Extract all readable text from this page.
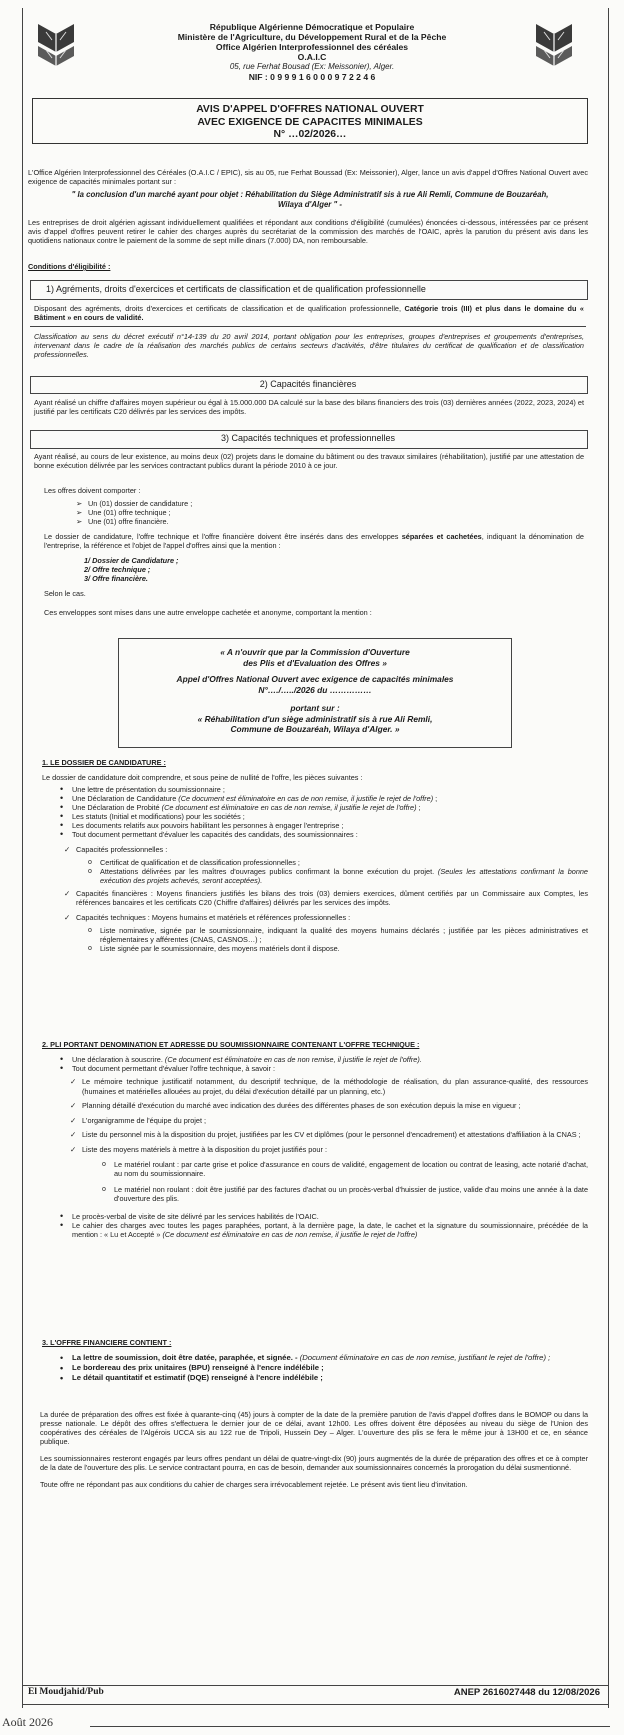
République Algérienne Démocratique et Populaire
Ministère de l'Agriculture, du Développement Rural et de la Pêche
Office Algérien Interprofessionnel des céréales
O.A.I.C
05, rue Ferhat Bousad (Ex: Meissonier), Alger.
NIF : 0 9 9 9 1 6 0 0 0 9 7 2 2 4 6
AVIS D'APPEL D'OFFRES NATIONAL OUVERT
AVEC EXIGENCE DE CAPACITES MINIMALES
N° …02/2026…
L'Office Algérien Interprofessionnel des Céréales (O.A.I.C / EPIC), sis au 05, rue Ferhat Boussad (Ex: Meissonier), Alger, lance un avis d'appel d'Offres National Ouvert avec exigence de capacités minimales portant sur :
" la conclusion d'un marché ayant pour objet : Réhabilitation du Siège Administratif sis à rue Ali Remli, Commune de Bouzaréah, Wilaya d'Alger " -
Les entreprises de droit algérien agissant individuellement qualifiées et répondant aux conditions d'éligibilité (cumulées) énoncées ci-dessous, intéressées par ce présent avis d'appel d'offres peuvent retirer le cahier des charges auprès du secrétariat de la commission des marchés de l'OAIC, après la parution du présent avis dans les quotidiens nationaux contre le paiement de la somme de sept mille dinars (7.000) DA, non remboursable.
Conditions d'éligibilité :
1) Agréments, droits d'exercices et certificats de classification et de qualification professionnelle
Disposant des agréments, droits d'exercices et certificats de classification et de qualification professionnelle, Catégorie trois (III) et plus dans le domaine du « Bâtiment » en cours de validité.
Classification au sens du décret exécutif n°14-139 du 20 avril 2014, portant obligation pour les entreprises, groupes d'entreprises et groupements d'entreprises, intervenant dans le cadre de la réalisation des marchés publics de certains secteurs d'activités, d'être titulaires du certificat de qualification et de classification professionnelles.
2) Capacités financières
Ayant réalisé un chiffre d'affaires moyen supérieur ou égal à 15.000.000 DA calculé sur la base des bilans financiers des trois (03) dernières années (2022, 2023, 2024) et justifié par les certificats C20 délivrés par les services des impôts.
3) Capacités techniques et professionnelles
Ayant réalisé, au cours de leur existence, au moins deux (02) projets dans le domaine du bâtiment ou des travaux similaires (réhabilitation), justifié par une attestation de bonne exécution délivrée par les services contractant publics durant la période 2010 à ce jour.
Les offres doivent comporter :
➢ Un (01) dossier de candidature ;
➢ Une (01) offre technique ;
➢ Une (01) offre financière.
Le dossier de candidature, l'offre technique et l'offre financière doivent être insérés dans des enveloppes séparées et cachetées, indiquant la dénomination de l'entreprise, la référence et l'objet de l'appel d'offres ainsi que la mention :
1/ Dossier de Candidature ;
2/ Offre technique ;
3/ Offre financière.
Selon le cas.
Ces enveloppes sont mises dans une autre enveloppe cachetée et anonyme, comportant la mention :
« A n'ouvrir que par la Commission d'Ouverture
des Plis et d'Evaluation des Offres »
Appel d'Offres National Ouvert avec exigence de capacités minimales
N°…./…../2026 du ……………
portant sur :
« Réhabilitation d'un siège administratif sis à rue Ali Remli,
Commune de Bouzaréah, Wilaya d'Alger. »
1. LE DOSSIER DE CANDIDATURE :
Le dossier de candidature doit comprendre, et sous peine de nullité de l'offre, les pièces suivantes :
• Une lettre de présentation du soumissionnaire ;
• Une Déclaration de Candidature (Ce document est éliminatoire en cas de non remise, il justifie le rejet de l'offre) ;
• Une Déclaration de Probité (Ce document est éliminatoire en cas de non remise, il justifie le rejet de l'offre) ;
• Les statuts (Initial et modifications) pour les sociétés ;
• Les documents relatifs aux pouvoirs habilitant les personnes à engager l'entreprise ;
• Tout document permettant d'évaluer les capacités des candidats, des soumissionnaires :
✓ Capacités professionnelles :
o Certificat de qualification et de classification professionnelles ;
o Attestations délivrées par les maîtres d'ouvrages publics confirmant la bonne exécution du projet. (Seules les attestations confirmant la bonne exécution des projets achevés, seront acceptées).
✓ Capacités financières : Moyens financiers justifiés les bilans des trois (03) derniers exercices, dûment certifiés par un Commissaire aux Comptes, les références bancaires et les certificats C20 (Chiffre d'affaires) délivrés par les services des impôts.
✓ Capacités techniques : Moyens humains et matériels et références professionnelles :
o Liste nominative, signée par le soumissionnaire, indiquant la qualité des moyens humains déclarés ; justifiée par les pièces administratives et réglementaires y afférentes (CNAS, CASNOS…) ;
o Liste signée par le soumissionnaire, des moyens matériels dont il dispose.
2. PLI PORTANT DENOMINATION ET ADRESSE DU SOUMISSIONNAIRE CONTENANT L'OFFRE TECHNIQUE :
• Une déclaration à souscrire. (Ce document est éliminatoire en cas de non remise, il justifie le rejet de l'offre).
• Tout document permettant d'évaluer l'offre technique, à savoir :
✓ Le mémoire technique justificatif notamment, du descriptif technique, de la méthodologie de réalisation, du plan assurance-qualité, des ressources (humaines et matérielles allouées au projet, du délai d'exécution détaillé par un planning, etc.)
✓ Planning détaillé d'exécution du marché avec indication des durées des différentes phases de son exécution depuis la mise en vigueur ;
✓ L'organigramme de l'équipe du projet ;
✓ Liste du personnel mis à la disposition du projet, justifiées par les CV et diplômes (pour le personnel d'encadrement) et attestations d'affiliation à la CNAS ;
✓ Liste des moyens matériels à mettre à la disposition du projet justifiés pour :
o Le matériel roulant : par carte grise et police d'assurance en cours de validité, engagement de location ou contrat de leasing, acte notarié d'achat, au nom du soumissionnaire.
o Le matériel non roulant : doit être justifié par des factures d'achat ou un procès-verbal d'huissier de justice, valide d'au moins une année à la date d'ouverture des plis.
• Le procès-verbal de visite de site délivré par les services habilités de l'OAIC.
• Le cahier des charges avec toutes les pages paraphées, portant, à la dernière page, la date, le cachet et la signature du soumissionnaire, précédée de la mention : « Lu et Accepté » (Ce document est éliminatoire en cas de non remise, il justifie le rejet de l'offre)
3. L'OFFRE FINANCIERE CONTIENT :
• La lettre de soumission, doit être datée, paraphée, et signée. - (Document éliminatoire en cas de non remise, justifiant le rejet de l'offre) ;
• Le bordereau des prix unitaires (BPU) renseigné à l'encre indélébile ;
• Le détail quantitatif et estimatif (DQE) renseigné à l'encre indélébile ;
La durée de préparation des offres est fixée à quarante-cinq (45) jours à compter de la date de la première parution de l'avis d'appel d'offres dans le BOMOP ou dans la presse nationale. Le dépôt des offres s'effectuera le dernier jour de ce délai, avant 12h00. Les offres doivent être déposées au niveau du siège de l'Union des coopératives des céréales de l'Algérois UCCA sis au 122 rue de Tripoli, Hussein Dey – Alger. L'ouverture des plis se fera le même jour à 13H00 et ce, en séance publique.
Les soumissionnaires resteront engagés par leurs offres pendant un délai de quatre-vingt-dix (90) jours augmentés de la durée de préparation des offres et ce à compter de la date de l'ouverture des plis. Le service contractant pourra, en cas de besoin, demander aux soumissionnaires concernés la prorogation du délai susmentionné.
Toute offre ne répondant pas aux conditions du cahier de charges sera irrévocablement rejetée. Le présent avis tient lieu d'invitation.
El Moudjahid/Pub	ANEP 2616027448 du 12/08/2026
Août 2026
